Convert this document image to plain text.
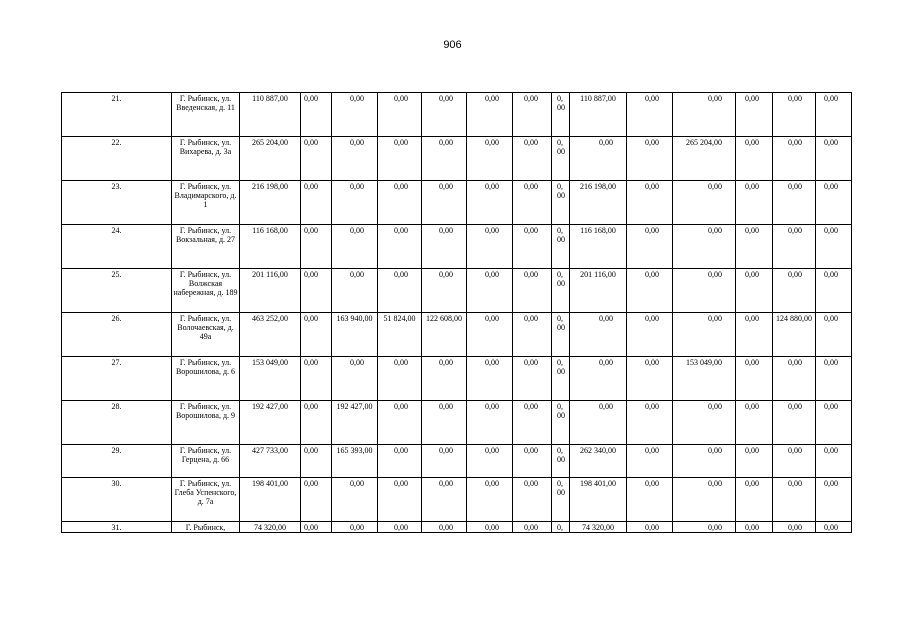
906
21.	Г. Рыбинск, ул. Введенская, д. 11	110 887,00	0,00	0,00	0,00	0,00	0,00	0,00	0, 00	110 887,00	0,00	0,00	0,00	0,00	0,00
22.	Г. Рыбинск, ул. Вихарева, д. 3а	265 204,00	0,00	0,00	0,00	0,00	0,00	0,00	0, 00	0,00	0,00	265 204,00	0,00	0,00	0,00
23.	Г. Рыбинск, ул. Владимарского, д. 1	216 198,00	0,00	0,00	0,00	0,00	0,00	0,00	0, 00	216 198,00	0,00	0,00	0,00	0,00	0,00
24.	Г. Рыбинск, ул. Вокзальная, д. 27	116 168,00	0,00	0,00	0,00	0,00	0,00	0,00	0, 00	116 168,00	0,00	0,00	0,00	0,00	0,00
25.	Г. Рыбинск, ул. Волжская набережная, д. 189	201 116,00	0,00	0,00	0,00	0,00	0,00	0,00	0, 00	201 116,00	0,00	0,00	0,00	0,00	0,00
26.	Г. Рыбинск, ул. Волочаевская, д. 49а	463 252,00	0,00	163 940,00	51 824,00	122 608,00	0,00	0,00	0, 00	0,00	0,00	0,00	0,00	124 880,00	0,00
27.	Г. Рыбинск, ул. Ворошилова, д. 6	153 049,00	0,00	0,00	0,00	0,00	0,00	0,00	0, 00	0,00	0,00	153 049,00	0,00	0,00	0,00
28.	Г. Рыбинск, ул. Ворошилова, д. 9	192 427,00	0,00	192 427,00	0,00	0,00	0,00	0,00	0, 00	0,00	0,00	0,00	0,00	0,00	0,00
29.	Г. Рыбинск, ул. Герцена, д. 66	427 733,00	0,00	165 393,00	0,00	0,00	0,00	0,00	0, 00	262 340,00	0,00	0,00	0,00	0,00	0,00
30.	Г. Рыбинск, ул. Глеба Успенского, д. 7а	198 401,00	0,00	0,00	0,00	0,00	0,00	0,00	0, 00	198 401,00	0,00	0,00	0,00	0,00	0,00
31.	Г. Рыбинск,	74 320,00	0,00	0,00	0,00	0,00	0,00	0,00	0,	74 320,00	0,00	0,00	0,00	0,00	0,00
